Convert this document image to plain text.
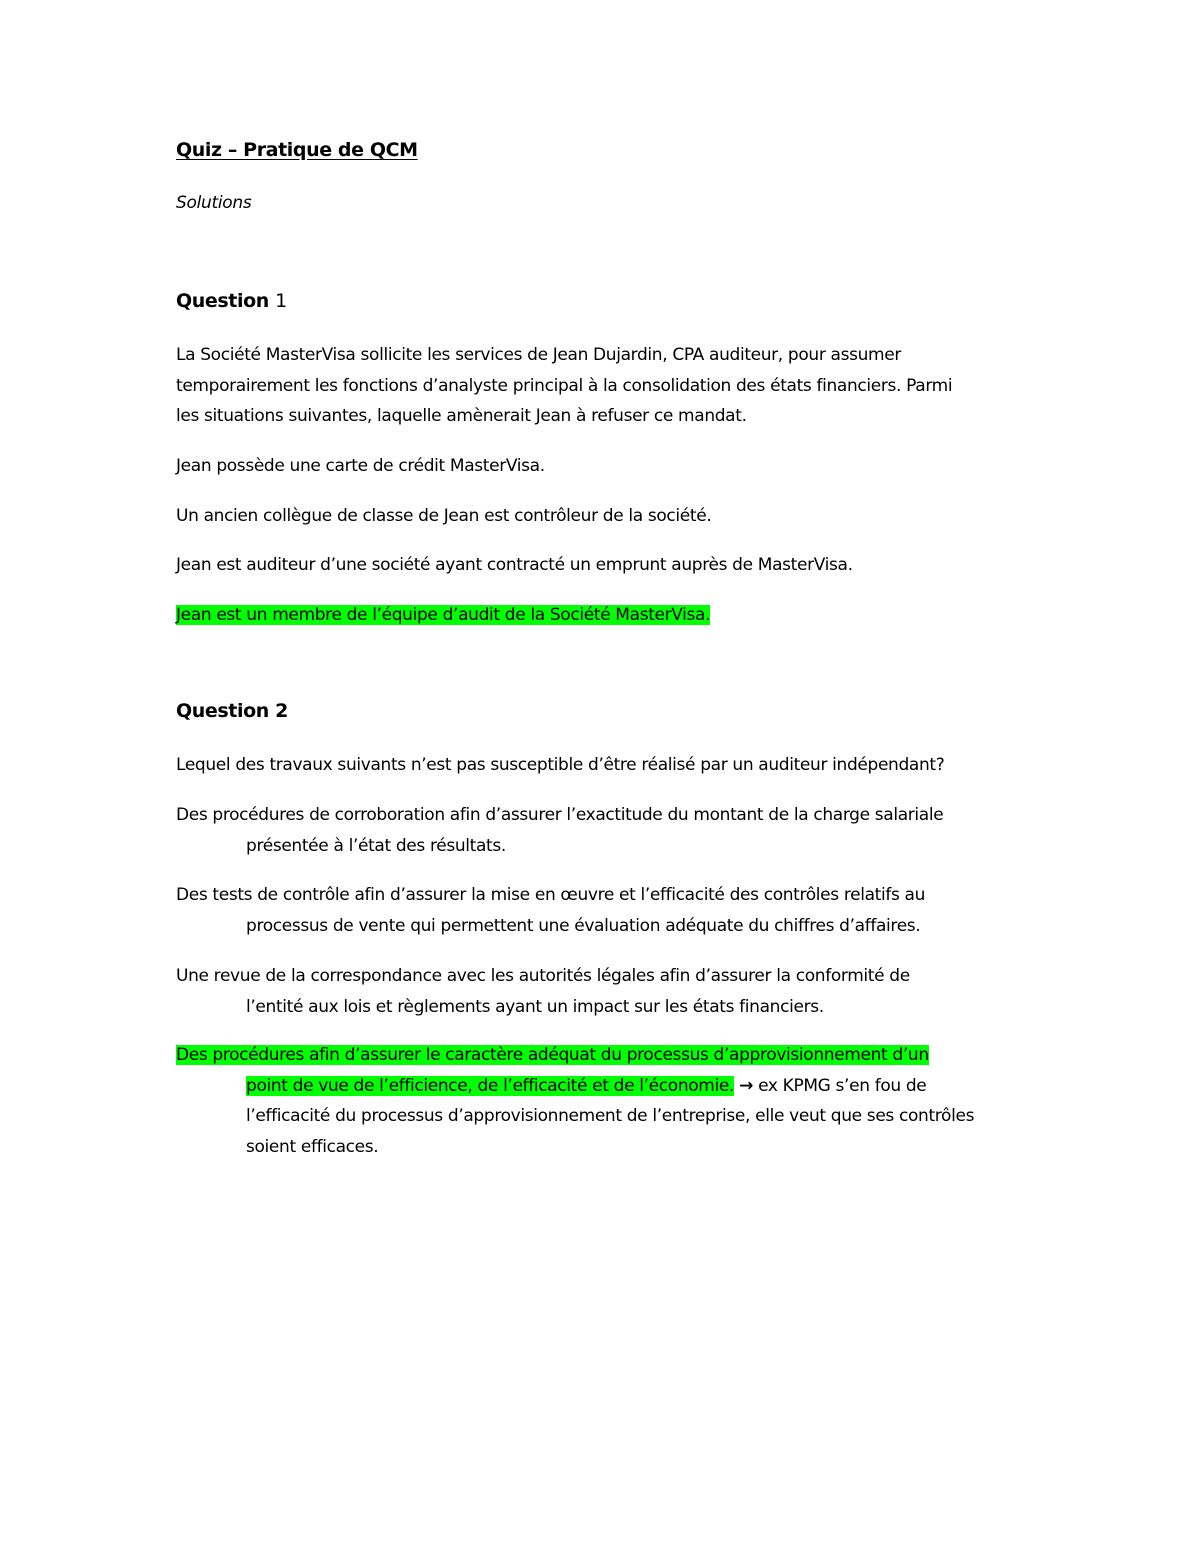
Quiz – Pratique de QCM

Solutions

Question 1
La Société MasterVisa sollicite les services de Jean Dujardin, CPA auditeur, pour assumer
temporairement les fonctions d’analyste principal à la consolidation des états financiers. Parmi
les situations suivantes, laquelle amènerait Jean à refuser ce mandat.

Jean possède une carte de crédit MasterVisa.

Un ancien collègue de classe de Jean est contrôleur de la société.

Jean est auditeur d’une société ayant contracté un emprunt auprès de MasterVisa.

Jean est un membre de l’équipe d’audit de la Société MasterVisa.

Question 2

Lequel des travaux suivants n’est pas susceptible d’être réalisé par un auditeur indépendant?

Des procédures de corroboration afin d’assurer l’exactitude du montant de la charge salariale
présentée à l’état des résultats.
Des tests de contrôle afin d’assurer la mise en œuvre et l’efficacité des contrôles relatifs au
processus de vente qui permettent une évaluation adéquate du chiffres d’affaires.
Une revue de la correspondance avec les autorités légales afin d’assurer la conformité de
l’entité aux lois et règlements ayant un impact sur les états financiers.
Des procédures afin d’assurer le caractère adéquat du processus d’approvisionnement d’un
point de vue de l’efficience, de l’efficacité et de l’économie. → ex KPMG s’en fou de
l’efficacité du processus d’approvisionnement de l’entreprise, elle veut que ses contrôles
soient efficaces.
